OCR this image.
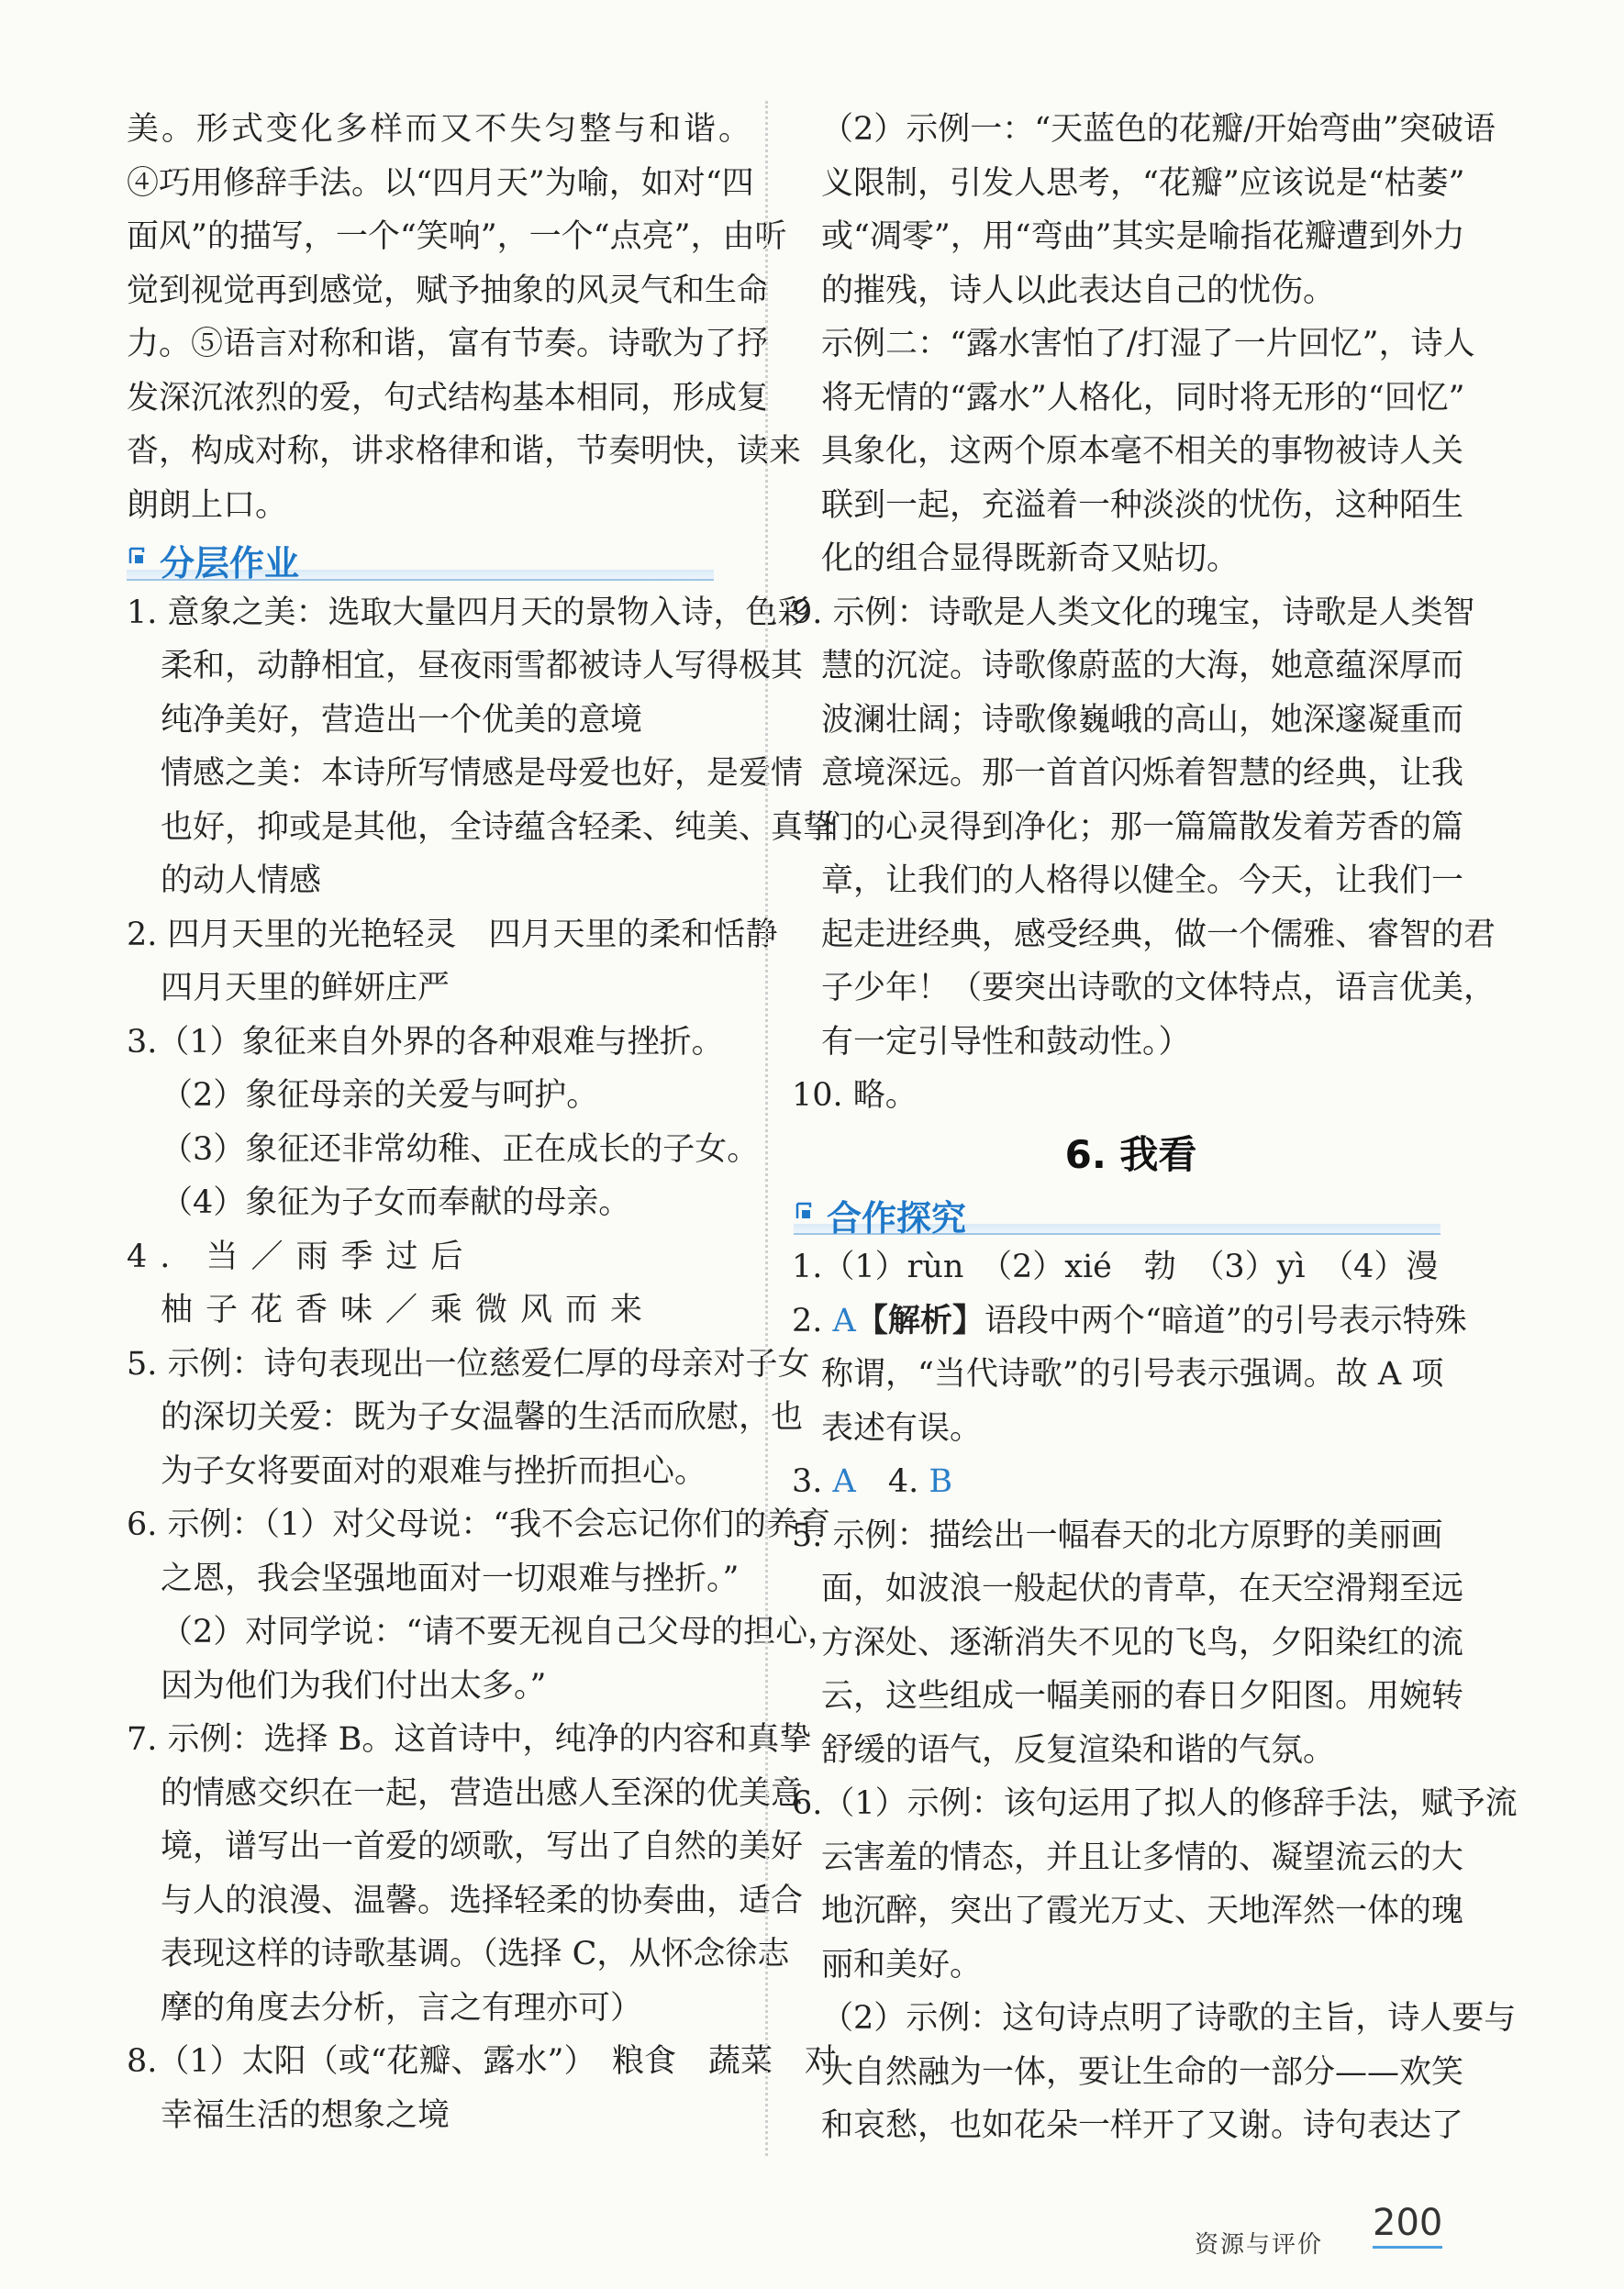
美。形式变化多样而又不失匀整与和谐。
④巧用修辞手法。以“四月天”为喻，如对“四
面风”的描写，一个“笑响”，一个“点亮”，由听
觉到视觉再到感觉，赋予抽象的风灵气和生命
力。⑤语言对称和谐，富有节奏。诗歌为了抒
发深沉浓烈的爱，句式结构基本相同，形成复
沓，构成对称，讲求格律和谐，节奏明快，读来
朗朗上口。
分层作业
1. 意象之美：选取大量四月天的景物入诗，色彩
柔和，动静相宜，昼夜雨雪都被诗人写得极其
纯净美好，营造出一个优美的意境
情感之美：本诗所写情感是母爱也好，是爱情
也好，抑或是其他，全诗蕴含轻柔、纯美、真挚
的动人情感
2. 四月天里的光艳轻灵　四月天里的柔和恬静
四月天里的鲜妍庄严
3.（1）象征来自外界的各种艰难与挫折。
（2）象征母亲的关爱与呵护。
（3）象征还非常幼稚、正在成长的子女。
（4）象征为子女而奉献的母亲。
4. 当／雨季过后
柚子花香味／乘微风而来
5. 示例：诗句表现出一位慈爱仁厚的母亲对子女
的深切关爱：既为子女温馨的生活而欣慰，也
为子女将要面对的艰难与挫折而担心。
6. 示例：（1）对父母说：“我不会忘记你们的养育
之恩，我会坚强地面对一切艰难与挫折。”
（2）对同学说：“请不要无视自己父母的担心，
因为他们为我们付出太多。”
7. 示例：选择 B。这首诗中，纯净的内容和真挚
的情感交织在一起，营造出感人至深的优美意
境，谱写出一首爱的颂歌，写出了自然的美好
与人的浪漫、温馨。选择轻柔的协奏曲，适合
表现这样的诗歌基调。（选择 C，从怀念徐志
摩的角度去分析，言之有理亦可）
8.（1）太阳（或“花瓣、露水”）　粮食　蔬菜　对
幸福生活的想象之境
（2）示例一：“天蓝色的花瓣/开始弯曲”突破语
义限制，引发人思考，“花瓣”应该说是“枯萎”
或“凋零”，用“弯曲”其实是喻指花瓣遭到外力
的摧残，诗人以此表达自己的忧伤。
示例二：“露水害怕了/打湿了一片回忆”，诗人
将无情的“露水”人格化，同时将无形的“回忆”
具象化，这两个原本毫不相关的事物被诗人关
联到一起，充溢着一种淡淡的忧伤，这种陌生
化的组合显得既新奇又贴切。
9. 示例：诗歌是人类文化的瑰宝，诗歌是人类智
慧的沉淀。诗歌像蔚蓝的大海，她意蕴深厚而
波澜壮阔；诗歌像巍峨的高山，她深邃凝重而
意境深远。那一首首闪烁着智慧的经典，让我
们的心灵得到净化；那一篇篇散发着芳香的篇
章，让我们的人格得以健全。今天，让我们一
起走进经典，感受经典，做一个儒雅、睿智的君
子少年！（要突出诗歌的文体特点，语言优美，
有一定引导性和鼓动性。）
10. 略。
6. 我看
合作探究
1.（1）rùn　（2）xié　勃　（3）yì　（4）漫
2. A【解析】语段中两个“暗道”的引号表示特殊
称谓，“当代诗歌”的引号表示强调。故 A 项
表述有误。
3. A　4. B
5. 示例：描绘出一幅春天的北方原野的美丽画
面，如波浪一般起伏的青草，在天空滑翔至远
方深处、逐渐消失不见的飞鸟，夕阳染红的流
云，这些组成一幅美丽的春日夕阳图。用婉转
舒缓的语气，反复渲染和谐的气氛。
6.（1）示例：该句运用了拟人的修辞手法，赋予流
云害羞的情态，并且让多情的、凝望流云的大
地沉醉，突出了霞光万丈、天地浑然一体的瑰
丽和美好。
（2）示例：这句诗点明了诗歌的主旨，诗人要与
大自然融为一体，要让生命的一部分——欢笑
和哀愁，也如花朵一样开了又谢。诗句表达了
资源与评价
200
